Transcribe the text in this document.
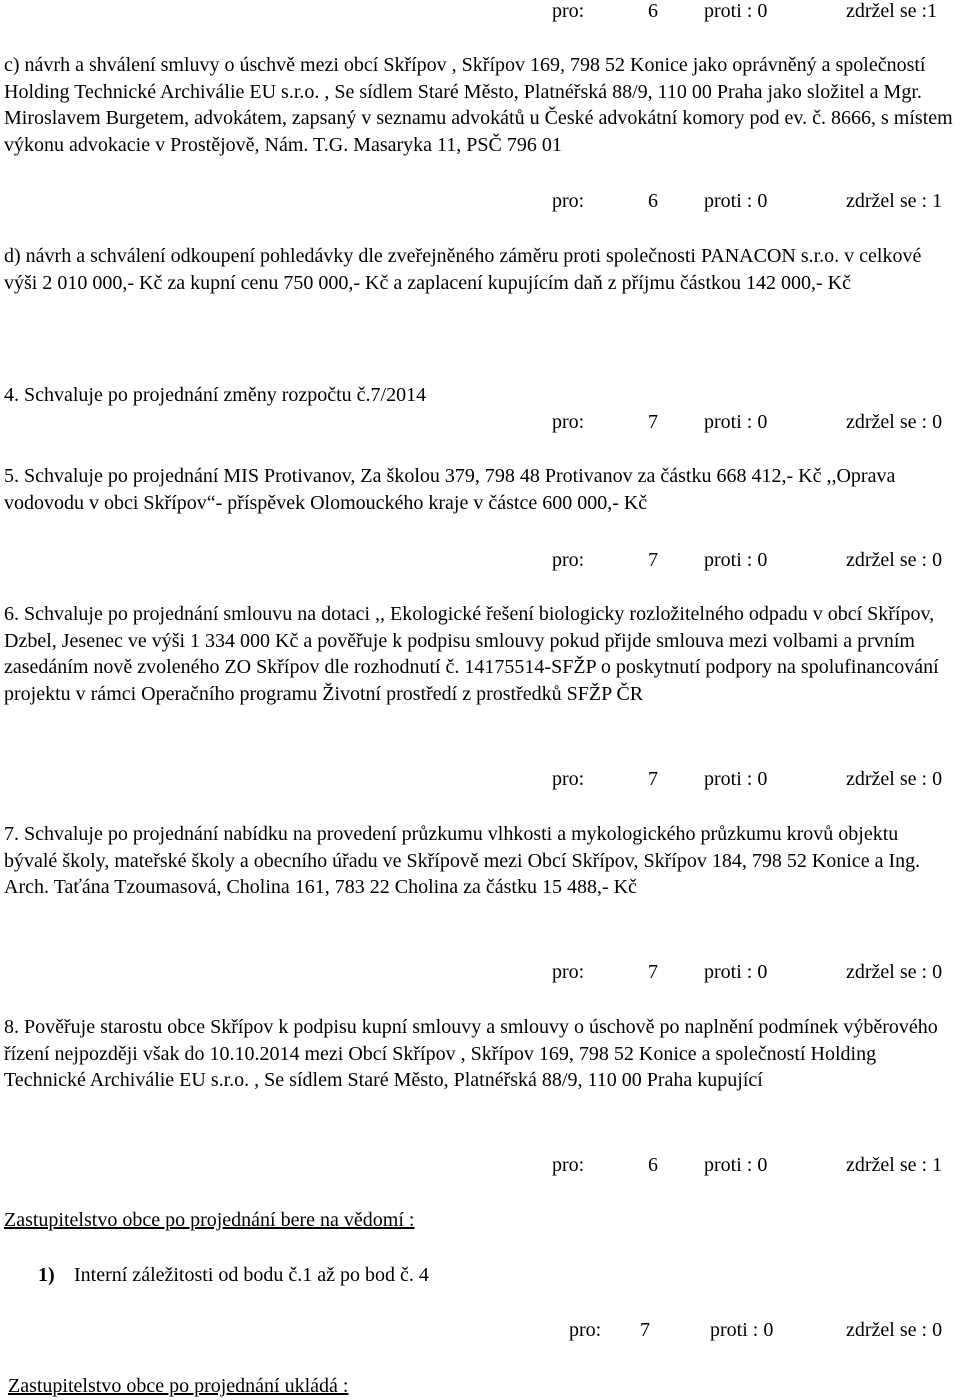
pro:	6 proti : 0	zdržel se :1

c) návrh a shválení smluvy o úschvě mezi obcí Skřípov , Skřípov 169, 798 52 Konice jako oprávněný a společností Holding Technické Archiválie EU s.r.o. , Se sídlem Staré Město, Platnéřská 88/9, 110 00 Praha jako složitel a Mgr. Miroslavem Burgetem, advokátem, zapsaný v seznamu advokátů u České advokátní komory pod ev. č. 8666, s místem výkonu advokacie v Prostějově, Nám. T.G. Masaryka 11, PSČ 796 01

pro:	6 proti : 0	zdržel se : 1

d) návrh a schválení odkoupení pohledávky dle zveřejněného záměru proti společnosti PANACON s.r.o. v celkové výši 2 010 000,- Kč za kupní cenu 750 000,- Kč a zaplacení kupujícím daň z příjmu částkou 142 000,- Kč

4. Schvaluje po projednání změny rozpočtu č.7/2014

pro:	7 proti : 0	zdržel se : 0

5. Schvaluje po projednání MIS Protivanov, Za školou 379, 798 48 Protivanov za částku 668 412,- Kč ,,Oprava vodovodu v obci Skřípov“- příspěvek Olomouckého kraje v částce 600 000,- Kč

pro:	7 proti : 0	zdržel se : 0

6. Schvaluje po projednání smlouvu na dotaci ,, Ekologické řešení biologicky rozložitelného odpadu v obcí Skřípov, Dzbel, Jesenec ve výši 1 334 000 Kč a pověřuje k podpisu smlouvy pokud přijde smlouva mezi volbami a prvním zasedáním nově zvoleného ZO Skřípov dle rozhodnutí č. 14175514-SFŽP o poskytnutí podpory na spolufinancování projektu v rámci Operačního programu Životní prostředí z prostředků SFŽP ČR

pro:	7 proti : 0	zdržel se : 0

7. Schvaluje po projednání nabídku na provedení průzkumu vlhkosti a mykologického průzkumu krovů objektu bývalé školy, mateřské školy a obecního úřadu ve Skřípově mezi Obcí Skřípov, Skřípov 184, 798 52 Konice a Ing. Arch. Taťána Tzoumasová, Cholina 161, 783 22 Cholina za částku 15 488,- Kč

pro:	7 proti : 0	zdržel se : 0

8. Pověřuje starostu obce Skřípov k podpisu kupní smlouvy a smlouvy o úschově po naplnění podmínek výběrového řízení nejpozději však do 10.10.2014 mezi Obcí Skřípov , Skřípov 169, 798 52 Konice a společností Holding Technické Archiválie EU s.r.o. , Se sídlem Staré Město, Platnéřská 88/9, 110 00 Praha kupující

pro:	6 proti : 0	zdržel se : 1

Zastupitelstvo obce po projednání bere na vědomí :

1) Interní záležitosti od bodu č.1 až po bod č. 4
pro: 7	proti : 0	zdržel se : 0

Zastupitelstvo obce po projednání ukládá :
